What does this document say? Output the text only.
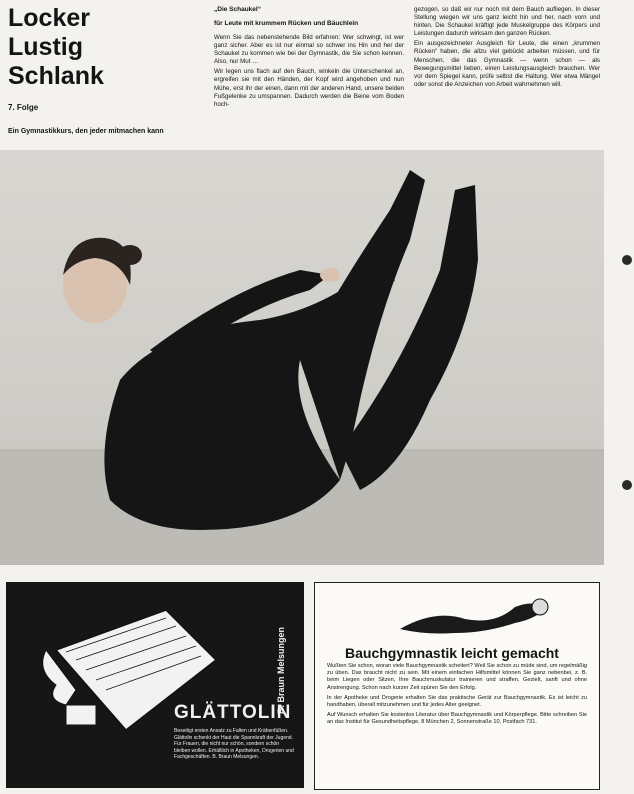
Locker
Lustig
Schlank
7. Folge
Ein Gymnastikkurs, den jeder mitmachen kann
„Die Schaukel“
für Leute mit krummem Rücken und Bäuchlein

Wenn Sie das nebenstehende Bild erfahren: Wer schwingt, ist wer ganz sicher. Aber es ist nur einmal so schwer ins Hin und her der Schaukel zu kommen wie bei der Gymnastik, die Sie schon kennen. Also, nur Mut …

Wir legen uns flach auf den Bauch, winkeln die Unterschenkel an, ergreifen sie mit den Händen, der Kopf wird angehoben und nun Mühe, erst ihr der einen, dann mit der anderen Hand, unsere beiden Fußgelenke zu umspannen. Dadurch werden die Beine vom Boden hoch-

gezogen, so daß wir nur noch mit dem Bauch aufliegen. In dieser Stellung wiegen wir uns ganz leicht hin und her, nach vorn und hinten. Die Schaukel kräftigt jede Muskelgruppe des Körpers und Leistungen dadurch wirksam den ganzen Rücken.

Ein ausgezeichneter Ausgleich für Leute, die einen „krummen Rücken“ haben, die allzu viel gebückt arbeiten müssen, und für Menschen, die das Gymnastik — wenn schon — als Bewegungsmittel lieben, einen Leistungsausgleich brauchen. Wer vor dem Spiegel kann, prüfe selbst die Haltung. Wer etwa Mängel oder sonst die Anzeichen von Arbeit wahrnehmen will.

B. Braun Melsungen
GLÄTTOLIN
Beseitigt ersten Ansatz zu Falten und Krähenfüßen. Glättolin schenkt der Haut die Spannkraft der Jugend. Für Frauen, die nicht nur schön, sondern schön bleiben wollen. Erhältlich in Apotheken, Drogerien und Fachgeschäften. B. Braun Melsungen.
Bauchgymnastik leicht gemacht

Wußten Sie schon, woran viele Bauchgymnastik scheitert? Weil Sie schon zu müde sind, um regelmäßig zu üben. Das braucht nicht zu sein. Mit einem einfachen Hilfsmittel können Sie ganz nebenbei, z. B. beim Liegen oder Sitzen, Ihre Bauchmuskulatur trainieren und straffen. Gezielt, sanft und ohne Anstrengung. Schon nach kurzer Zeit spüren Sie den Erfolg.

In der Apotheke und Drogerie erhalten Sie das praktische Gerät zur Bauchgymnastik. Es ist leicht zu handhaben, überall mitzunehmen und für jedes Alter geeignet.

Auf Wunsch erhalten Sie kostenlos Literatur über Bauchgymnastik und Körperpflege. Bitte schreiben Sie an das Institut für Gesundheitspflege, 8 München 2, Sonnenstraße 10, Postfach 731.
